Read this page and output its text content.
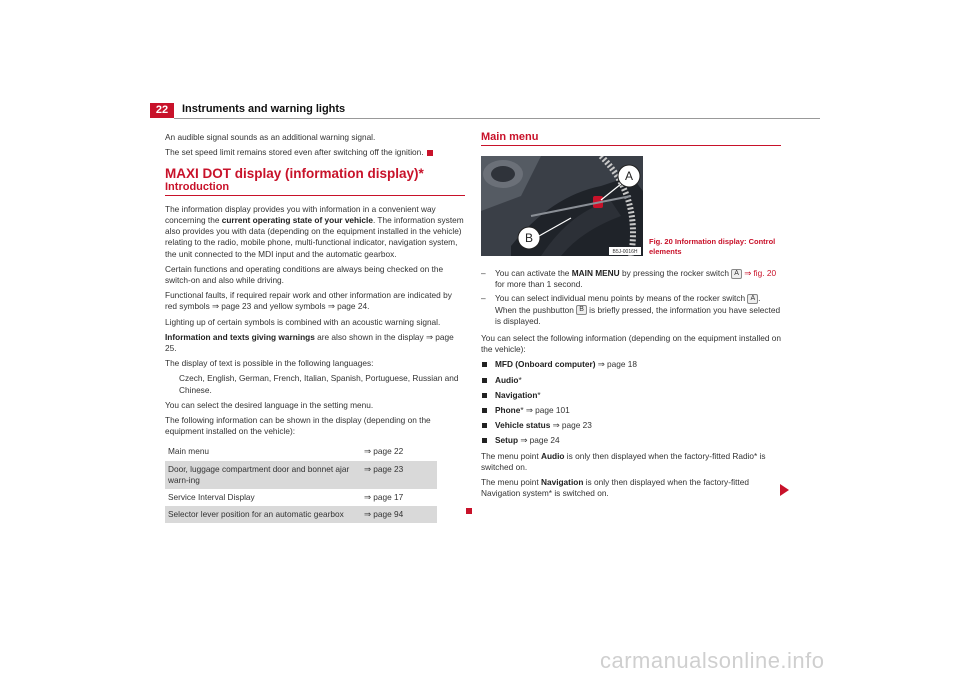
22	Instruments and warning lights

An audible signal sounds as an additional warning signal.

The set speed limit remains stored even after switching off the ignition.

MAXI DOT display (information display)*
Introduction

The information display provides you with information in a convenient way concerning the current operating state of your vehicle. The information system also provides you with data (depending on the equipment installed in the vehicle) relating to the radio, mobile phone, multi-functional indicator, navigation system, the unit connected to the MDI input and the automatic gearbox.

Certain functions and operating conditions are always being checked on the switch-on and also while driving.

Functional faults, if required repair work and other information are indicated by red symbols ⇒ page 23 and yellow symbols ⇒ page 24.

Lighting up of certain symbols is combined with an acoustic warning signal.

Information and texts giving warnings are also shown in the display ⇒ page 25.

The display of text is possible in the following languages:

Czech, English, German, French, Italian, Spanish, Portuguese, Russian and Chinese.

You can select the desired language in the setting menu.

The following information can be shown in the display (depending on the equipment installed on the vehicle):

Main menu	⇒ page 22
Door, luggage compartment door and bonnet ajar warn-ing	⇒ page 23
Service Interval Display	⇒ page 17
Selector lever position for an automatic gearbox	⇒ page 94
Main menu
A
B
B5J-0016H
Fig. 20 Information display: Control elements
– You can activate the MAIN MENU by pressing the rocker switch A ⇒ fig. 20 for more than 1 second.
– You can select individual menu points by means of the rocker switch A . When the pushbutton B is briefly pressed, the information you have selected is displayed.

You can select the following information (depending on the equipment installed on the vehicle):

MFD (Onboard computer) ⇒ page 18
Audio*
Navigation*
Phone* ⇒ page 101
Vehicle status ⇒ page 23
Setup ⇒ page 24

The menu point Audio is only then displayed when the factory-fitted Radio* is switched on.

The menu point Navigation is only then displayed when the factory-fitted Navigation system* is switched on.

carmanualsonline.info
